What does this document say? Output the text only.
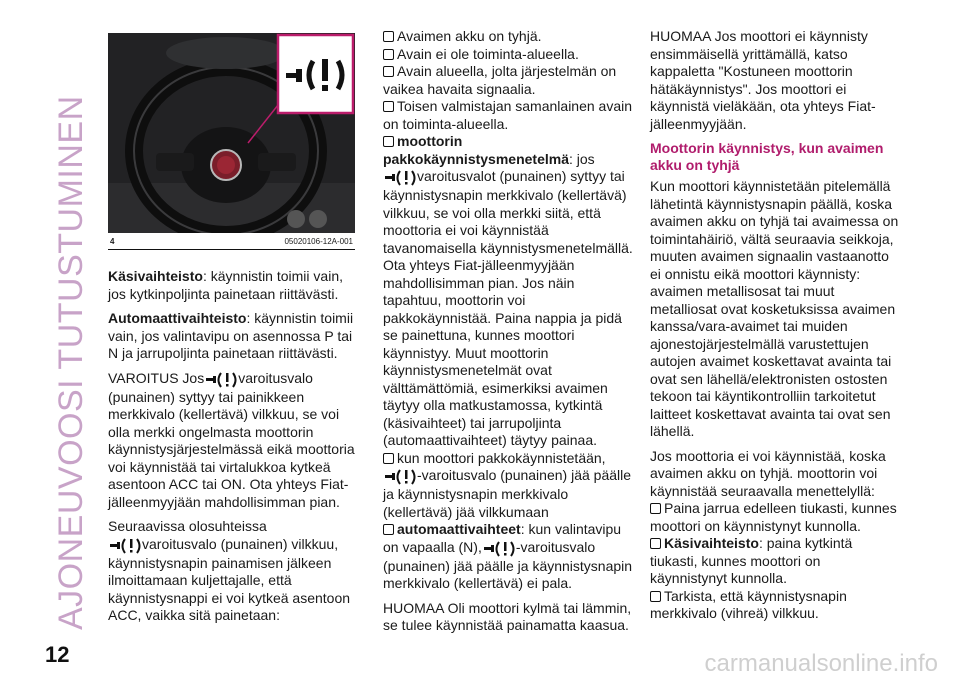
AJONEUVOOSI TUTUSTUMINEN	4	05020106-12A-001

Käsivaihteisto: käynnistin toimii vain, jos kytkinpoljinta painetaan riittävästi.

Automaattivaihteisto: käynnistin toimii vain, jos valintavipu on asennossa P tai N ja jarrupoljinta painetaan riittävästi.

VAROITUS Jos varoitusvalo (punainen) syttyy tai painikkeen merkkivalo (kellertävä) vilkkuu, se voi olla merkki ongelmasta moottorin käynnistysjärjestelmässä eikä moottoria voi käynnistää tai virtalukkoa kytkeä asentoon ACC tai ON. Ota yhteys Fiat-jälleenmyyjään mahdollisimman pian.

Seuraavissa olosuhteissa

varoitusvalo (punainen) vilkkuu, käynnistysnapin painamisen jälkeen ilmoittamaan kuljettajalle, että käynnistysnappi ei voi kytkeä asentoon ACC, vaikka sitä painetaan:

Avaimen akku on tyhjä.
Avain ei ole toiminta-alueella.
Avain alueella, jolta järjestelmän on vaikea havaita signaalia.
Toisen valmistajan samanlainen avain on toiminta-alueella.
moottorin pakkokäynnistysmenetelmä: jos

varoitusvalot (punainen) syttyy tai käynnistysnapin merkkivalo (kellertävä) vilkkuu, se voi olla merkki siitä, että moottoria ei voi käynnistää tavanomaisella käynnistysmenetelmällä. Ota yhteys Fiat-jälleenmyyjään mahdollisimman pian. Jos näin tapahtuu, moottorin voi pakkokäynnistää. Paina nappia ja pidä se painettuna, kunnes moottori käynnistyy. Muut moottorin käynnistysmenetelmät ovat välttämättömiä, esimerkiksi avaimen täytyy olla matkustamossa, kytkintä (käsivaihteet) tai jarrupoljinta (automaattivaihteet) täytyy painaa.
kun moottori pakkokäynnistetään,

-varoitusvalo (punainen) jää päälle ja käynnistysnapin merkkivalo (kellertävä) jää vilkkumaan

automaattivaihteet: kun valintavipu on vapaalla (N), -varoitusvalo (punainen) jää päälle ja käynnistysnapin merkkivalo (kellertävä) ei pala.

HUOMAA Oli moottori kylmä tai lämmin, se tulee käynnistää painamatta kaasua.

HUOMAA Jos moottori ei käynnisty ensimmäisellä yrittämällä, katso kappaletta "Kostuneen moottorin hätäkäynnistys". Jos moottori ei käynnistä vieläkään, ota yhteys Fiat-jälleenmyyjään.

Moottorin käynnistys, kun avaimen akku on tyhjä

Kun moottori käynnistetään pitelemällä lähetintä käynnistysnapin päällä, koska avaimen akku on tyhjä tai avaimessa on toimintahäiriö, vältä seuraavia seikkoja, muuten avaimen signaalin vastaanotto ei onnistu eikä moottori käynnisty: avaimen metallisosat tai muut metalliosat ovat kosketuksissa avaimen kanssa/vara-avaimet tai muiden ajonestojärjestelmällä varustettujen autojen avaimet koskettavat avainta tai ovat sen lähellä/elektronisten ostosten tekoon tai käyntikontrolliin tarkoitetut laitteet koskettavat avainta tai ovat sen lähellä.

Jos moottoria ei voi käynnistää, koska avaimen akku on tyhjä. moottorin voi käynnistää seuraavalla menettelyllä:
Paina jarrua edelleen tiukasti, kunnes moottori on käynnistynyt kunnolla.
Käsivaihteisto: paina kytkintä tiukasti, kunnes moottori on käynnistynyt kunnolla.
Tarkista, että käynnistysnapin merkkivalo (vihreä) vilkkuu.
12	carmanualsonline.info
